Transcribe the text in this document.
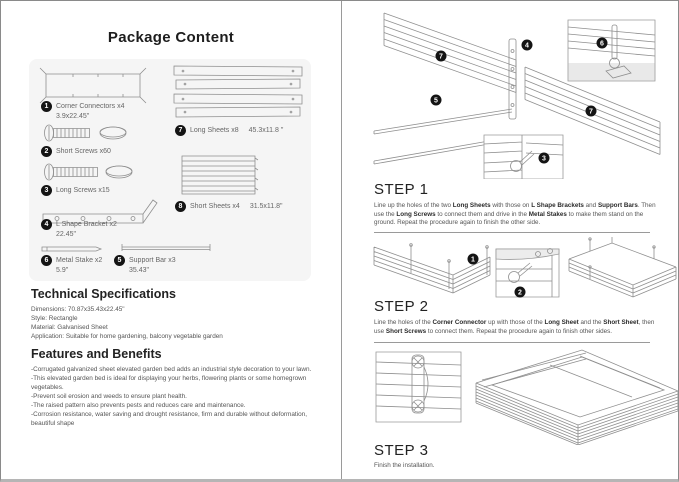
Package Content
1	Corner Connectors x4
3.9x22.45"
2	Short Screws x60
3	Long Screws x15
4	L Shape Bracket x2
22.45"
6	Metal Stake x2
5.9"
5	Support Bar x3
35.43"
7	Long Sheets x8 45.3x11.8 "
8	Short Sheets x4 31.5x11.8"
Technical Specifications
Dimensions: 70.87x35.43x22.45"
Style: Rectangle
Material: Galvanised Sheet
Application: Suitable for home gardening, balcony vegetable garden
Features and Benefits
-Corrugated galvanized sheet elevated garden bed adds an industrial style decoration to your lawn.
-This elevated garden bed is ideal for displaying your herbs, flowering plants or some homegrown vegetables.
-Prevent soil erosion and weeds to ensure plant health.
-The raised pattern also prevents pests and reduces care and maintenance.
-Corrosion resistance, water saving and drought resistance, firm and durable without deformation, beautiful shape
7
4	6
5
7
3
STEP 1
Line up the holes of the two Long Sheets with those on L Shape Brackets and Support Bars. Then use the Long Screws to connect them and drive in the Metal Stakes to make them stand on the ground. Repeat the procedure again to finish the other side.
1
2
STEP 2
Line the holes of the Corner Connector up with those of the Long Sheet and the Short Sheet, then use Short Screws to connect them. Repeat the procedure again to finish other sides.
STEP 3
Finish the installation.
